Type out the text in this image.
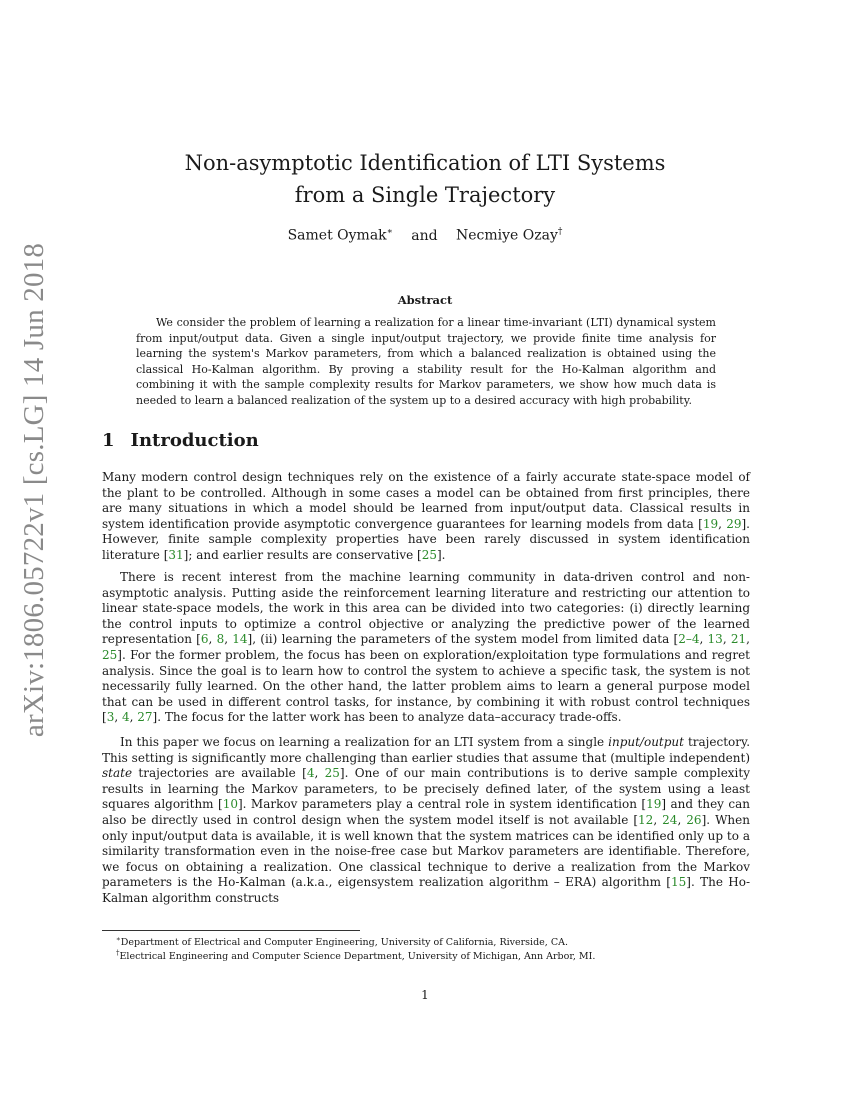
arXiv:1806.05722v1 [cs.LG] 14 Jun 2018
Non-asymptotic Identification of LTI Systems
from a Single Trajectory
Samet Oymak∗ and Necmiye Ozay†
Abstract

We consider the problem of learning a realization for a linear time-invariant (LTI) dynamical system from input/output data. Given a single input/output trajectory, we provide finite time analysis for learning the system's Markov parameters, from which a balanced realization is obtained using the classical Ho-Kalman algorithm. By proving a stability result for the Ho-Kalman algorithm and combining it with the sample complexity results for Markov parameters, we show how much data is needed to learn a balanced realization of the system up to a desired accuracy with high probability.

1 Introduction

Many modern control design techniques rely on the existence of a fairly accurate state-space model of the plant to be controlled. Although in some cases a model can be obtained from first principles, there are many situations in which a model should be learned from input/output data. Classical results in system identification provide asymptotic convergence guarantees for learning models from data [19, 29]. However, finite sample complexity properties have been rarely discussed in system identification literature [31]; and earlier results are conservative [25].

There is recent interest from the machine learning community in data-driven control and non-asymptotic analysis. Putting aside the reinforcement learning literature and restricting our attention to linear state-space models, the work in this area can be divided into two categories: (i) directly learning the control inputs to optimize a control objective or analyzing the predictive power of the learned representation [6, 8, 14], (ii) learning the parameters of the system model from limited data [2–4, 13, 21, 25]. For the former problem, the focus has been on exploration/exploitation type formulations and regret analysis. Since the goal is to learn how to control the system to achieve a specific task, the system is not necessarily fully learned. On the other hand, the latter problem aims to learn a general purpose model that can be used in different control tasks, for instance, by combining it with robust control techniques [3, 4, 27]. The focus for the latter work has been to analyze data–accuracy trade-offs.

In this paper we focus on learning a realization for an LTI system from a single input/output trajectory. This setting is significantly more challenging than earlier studies that assume that (multiple independent) state trajectories are available [4, 25]. One of our main contributions is to derive sample complexity results in learning the Markov parameters, to be precisely defined later, of the system using a least squares algorithm [10]. Markov parameters play a central role in system identification [19] and they can also be directly used in control design when the system model itself is not available [12, 24, 26]. When only input/output data is available, it is well known that the system matrices can be identified only up to a similarity transformation even in the noise-free case but Markov parameters are identifiable. Therefore, we focus on obtaining a realization. One classical technique to derive a realization from the Markov parameters is the Ho-Kalman (a.k.a., eigensystem realization algorithm – ERA) algorithm [15]. The Ho-Kalman algorithm constructs

∗Department of Electrical and Computer Engineering, University of California, Riverside, CA.
†Electrical Engineering and Computer Science Department, University of Michigan, Ann Arbor, MI.
1
